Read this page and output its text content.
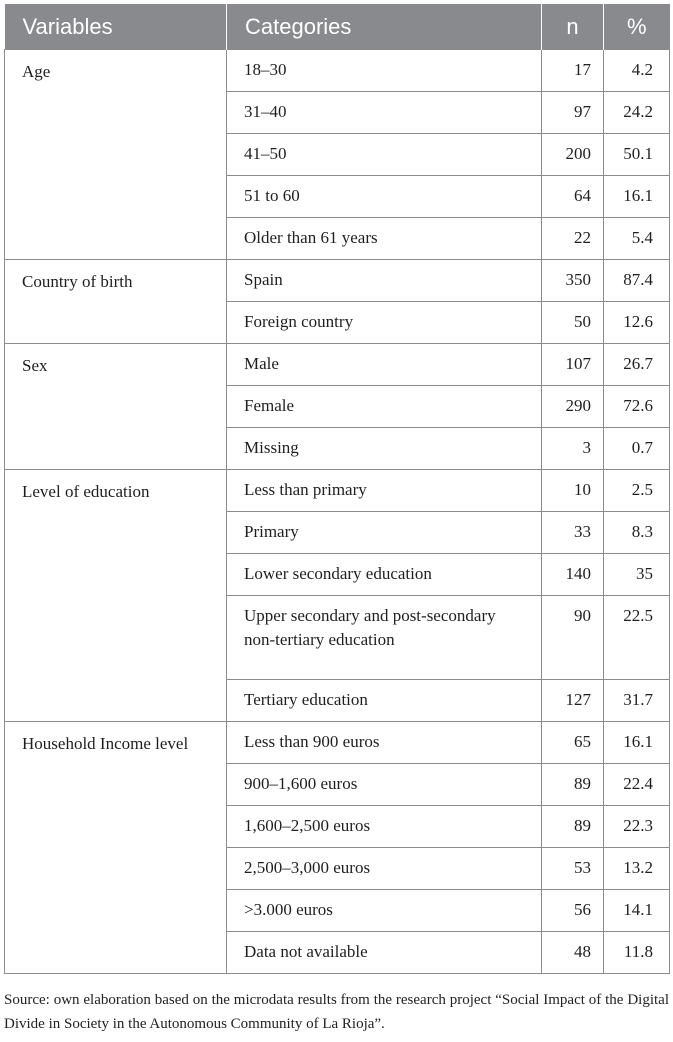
Variables	Categories	n	%
Age	18–30	17	4.2
	31–40	97	24.2
	41–50	200	50.1
	51 to 60	64	16.1
	Older than 61 years	22	5.4
Country of birth	Spain	350	87.4
	Foreign country	50	12.6
Sex	Male	107	26.7
	Female	290	72.6
	Missing	3	0.7
Level of education	Less than primary	10	2.5
	Primary	33	8.3
	Lower secondary education	140	35
	Upper secondary and post-secondary non-tertiary education	90	22.5
	Tertiary education	127	31.7
Household Income level	Less than 900 euros	65	16.1
	900–1,600 euros	89	22.4
	1,600–2,500 euros	89	22.3
	2,500–3,000 euros	53	13.2
	>3.000 euros	56	14.1
	Data not available	48	11.8
Source: own elaboration based on the microdata results from the research project “Social Impact of the Digital Divide in Society in the Autonomous Community of La Rioja”.
